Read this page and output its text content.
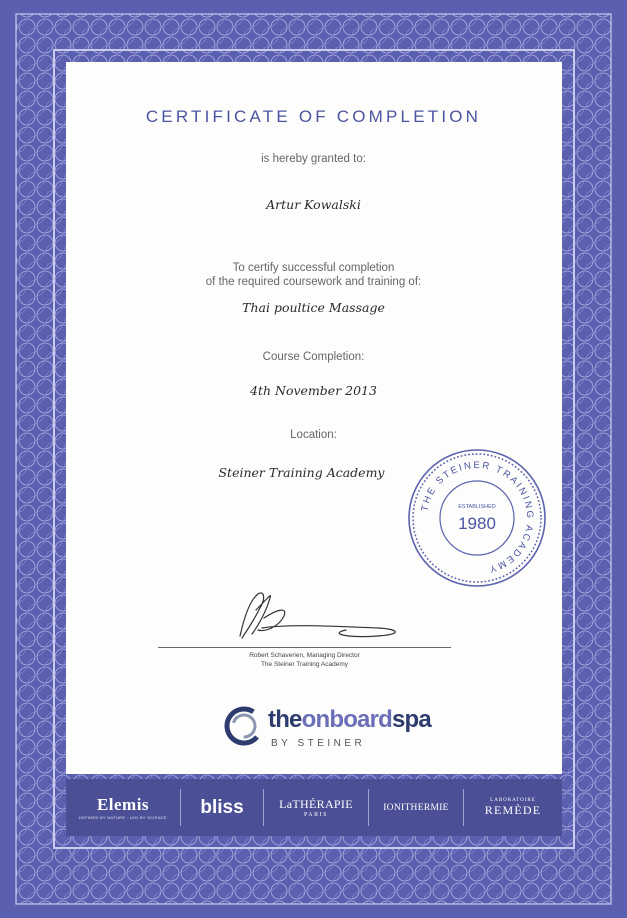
CERTIFICATE OF COMPLETION
is hereby granted to:
Artur Kowalski
To certify successful completion
of the required coursework and training of:
Thai poultice Massage
Course Completion:
4th November 2013
Location:
Steiner Training Academy
THE STEINER TRAINING ACADEMY
ESTABLISHED
1980
Robert Schaverien, Managing Director
The Steiner Training Academy
theonboardspa
BY STEINER
Elemis
DEFINED BY NATURE · LED BY SCIENCE	bliss	LaTHÉRAPIE
PARIS
IONITHERMIE
LABORATOIRE
REMÈDE
